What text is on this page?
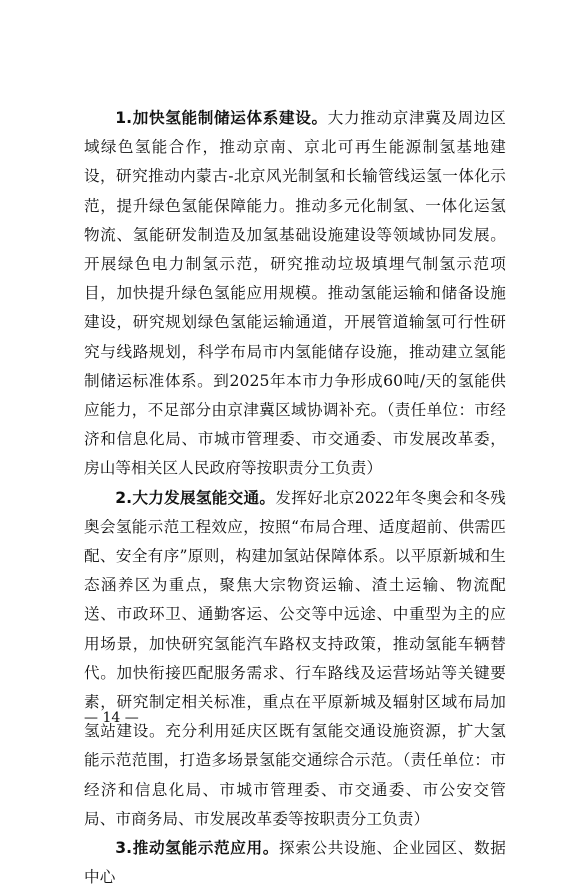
1.加快氢能制储运体系建设。大力推动京津冀及周边区域绿色氢能合作，推动京南、京北可再生能源制氢基地建设，研究推动内蒙古-北京风光制氢和长输管线运氢一体化示范，提升绿色氢能保障能力。推动多元化制氢、一体化运氢物流、氢能研发制造及加氢基础设施建设等领域协同发展。开展绿色电力制氢示范，研究推动垃圾填埋气制氢示范项目，加快提升绿色氢能应用规模。推动氢能运输和储备设施建设，研究规划绿色氢能运输通道，开展管道输氢可行性研究与线路规划，科学布局市内氢能储存设施，推动建立氢能制储运标准体系。到2025年本市力争形成60吨/天的氢能供应能力，不足部分由京津冀区域协调补充。（责任单位：市经济和信息化局、市城市管理委、市交通委、市发展改革委，房山等相关区人民政府等按职责分工负责）

2.大力发展氢能交通。发挥好北京2022年冬奥会和冬残奥会氢能示范工程效应，按照“布局合理、适度超前、供需匹配、安全有序”原则，构建加氢站保障体系。以平原新城和生态涵养区为重点，聚焦大宗物资运输、渣土运输、物流配送、市政环卫、通勤客运、公交等中远途、中重型为主的应用场景，加快研究氢能汽车路权支持政策，推动氢能车辆替代。加快衔接匹配服务需求、行车路线及运营场站等关键要素，研究制定相关标准，重点在平原新城及辐射区域布局加氢站建设。充分利用延庆区既有氢能交通设施资源，扩大氢能示范范围，打造多场景氢能交通综合示范。（责任单位：市经济和信息化局、市城市管理委、市交通委、市公安交管局、市商务局、市发展改革委等按职责分工负责）

3.推动氢能示范应用。探索公共设施、企业园区、数据中心

— 14 —
